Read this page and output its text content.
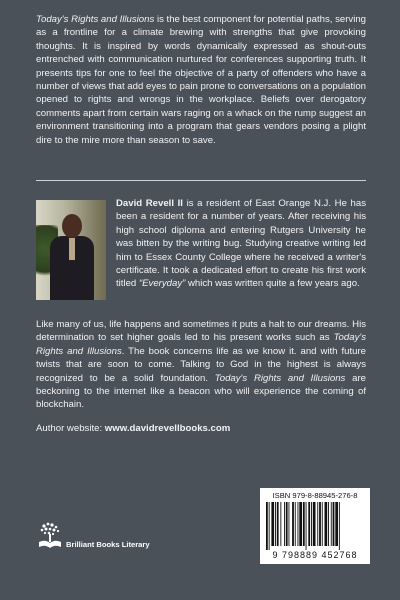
Today's Rights and Illusions is the best component for potential paths, serving as a frontline for a climate brewing with strengths that give provoking thoughts. It is inspired by words dynamically expressed as shout-outs entrenched with communication nurtured for conferences supporting truth. It presents tips for one to feel the objective of a party of offenders who have a number of views that add eyes to pain prone to conversations on a population opened to rights and wrongs in the workplace. Beliefs over derogatory comments apart from certain wars raging on a whack on the rump suggest an environment transitioning into a program that gears vendors posing a plight dire to the mire more than season to save.
David Revell II is a resident of East Orange N.J. He has been a resident for a number of years. After receiving his high school diploma and entering Rutgers University he was bitten by the writing bug. Studying creative writing led him to Essex County College where he received a writer's certificate. It took a dedicated effort to create his first work titled “Everyday” which was written quite a few years ago.
Like many of us, life happens and sometimes it puts a halt to our dreams. His determination to set higher goals led to his present works such as Today's Rights and Illusions. The book concerns life as we know it. and with future twists that are soon to come. Talking to God in the highest is always recognized to be a solid foundation. Today's Rights and Illusions are beckoning to the internet like a beacon who will experience the coming of blockchain.
Author website: www.davidrevellbooks.com
Brilliant Books Literary
ISBN 979-8-88945-276-8
9 798889 452768
